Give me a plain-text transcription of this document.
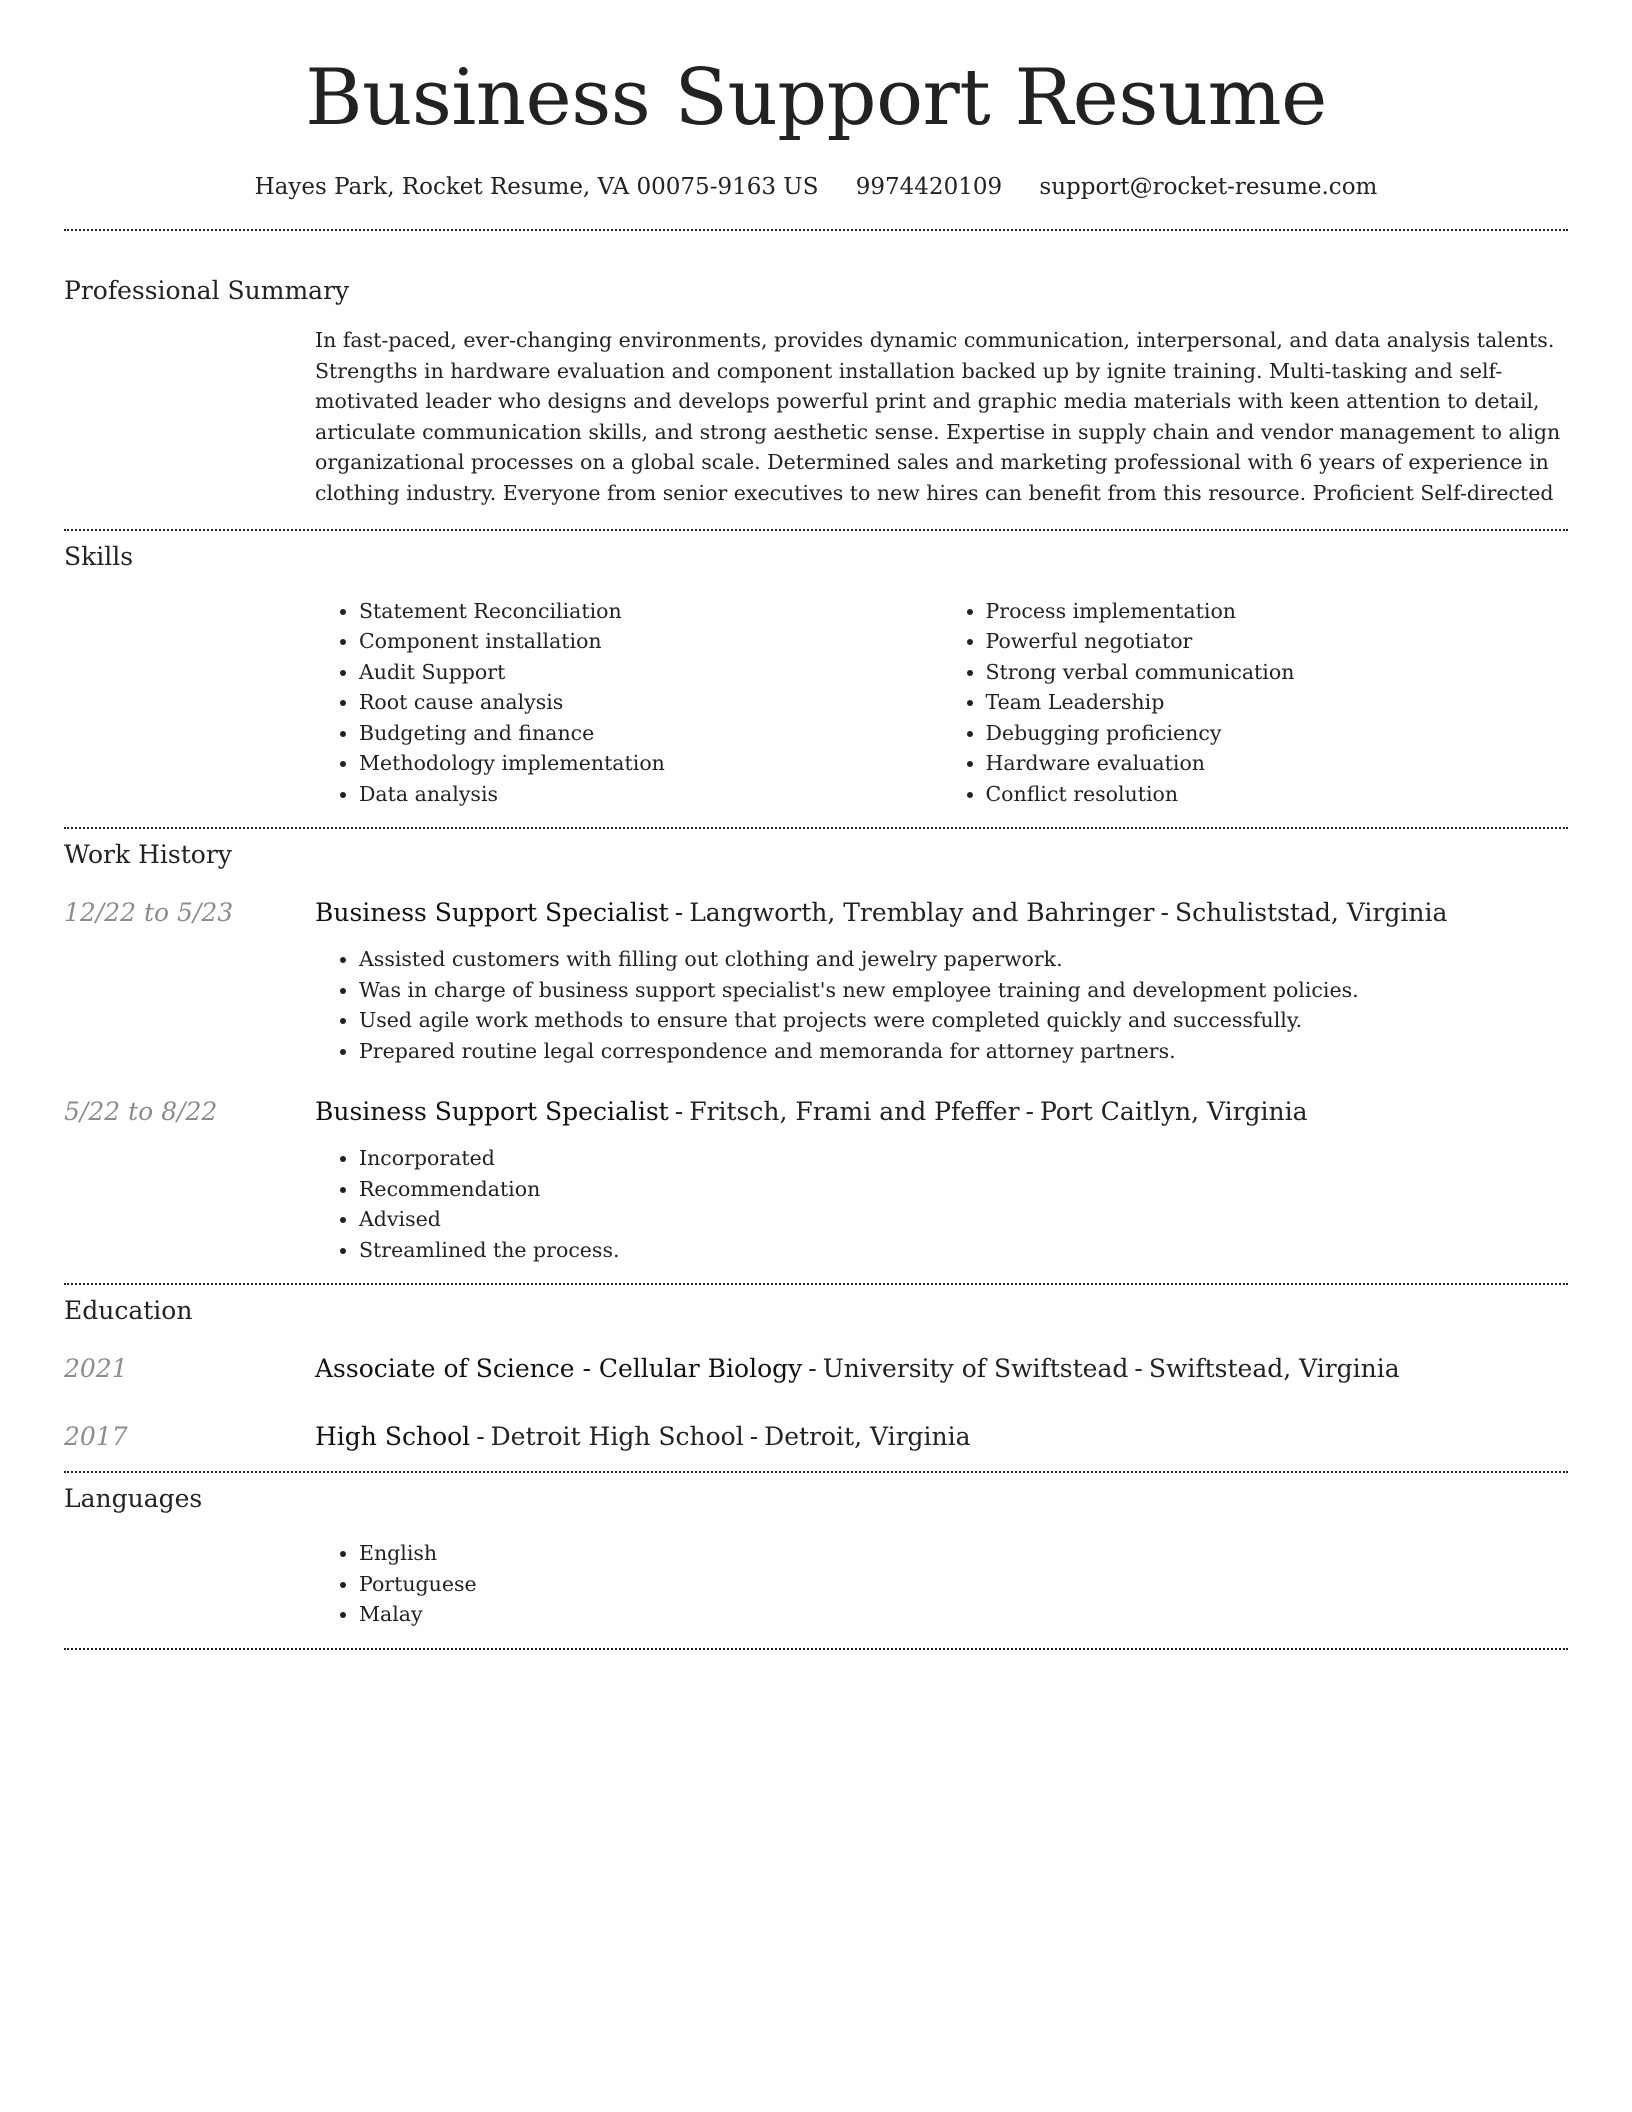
Business Support Resume
Hayes Park, Rocket Resume, VA 00075-9163 US 9974420109 support@rocket-resume.com
Professional Summary

In fast-paced, ever-changing environments, provides dynamic communication, interpersonal, and data analysis talents. Strengths in hardware evaluation and component installation backed up by ignite training. Multi-tasking and self-motivated leader who designs and develops powerful print and graphic media materials with keen attention to detail, articulate communication skills, and strong aesthetic sense. Expertise in supply chain and vendor management to align organizational processes on a global scale. Determined sales and marketing professional with 6 years of experience in clothing industry. Everyone from senior executives to new hires can benefit from this resource. Proficient Self-directed

Skills
• Statement Reconciliation
• Component installation
• Audit Support
• Root cause analysis
• Budgeting and finance
• Methodology implementation
• Data analysis
• Process implementation
• Powerful negotiator
• Strong verbal communication
• Team Leadership
• Debugging proficiency
• Hardware evaluation
• Conflict resolution
Work History
12/22 to 5/23	Business Support Specialist - Langworth, Tremblay and Bahringer - Schuliststad, Virginia
• Assisted customers with filling out clothing and jewelry paperwork.
• Was in charge of business support specialist's new employee training and development policies.
• Used agile work methods to ensure that projects were completed quickly and successfully.
• Prepared routine legal correspondence and memoranda for attorney partners.
5/22 to 8/22	Business Support Specialist - Fritsch, Frami and Pfeffer - Port Caitlyn, Virginia
• Incorporated
• Recommendation
• Advised
• Streamlined the process.
Education
2021	Associate of Science - Cellular Biology - University of Swiftstead - Swiftstead, Virginia
2017	High School - Detroit High School - Detroit, Virginia
Languages
• English
• Portuguese
• Malay
